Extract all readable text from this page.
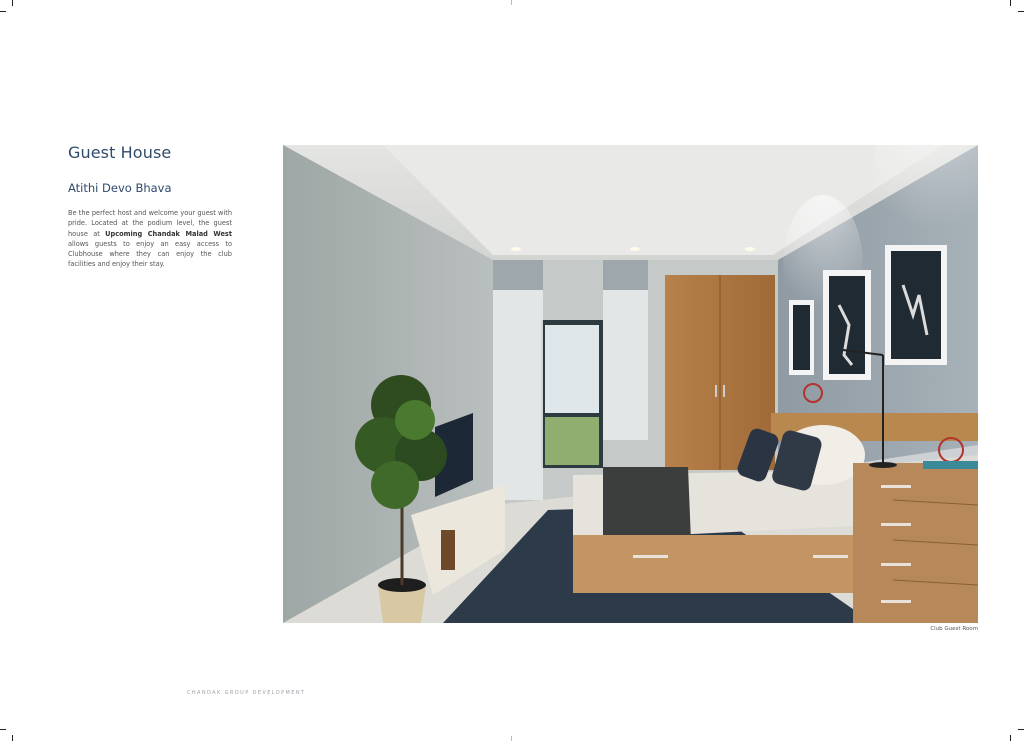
Guest House
Atithi Devo Bhava

Be the perfect host and welcome your guest with pride. Located at the podium level, the guest house at Upcoming Chandak Malad West allows guests to enjoy an easy access to Clubhouse where they can enjoy the club facilities and enjoy their stay.

Club Guest Room
CHANDAK GROUP DEVELOPMENT
